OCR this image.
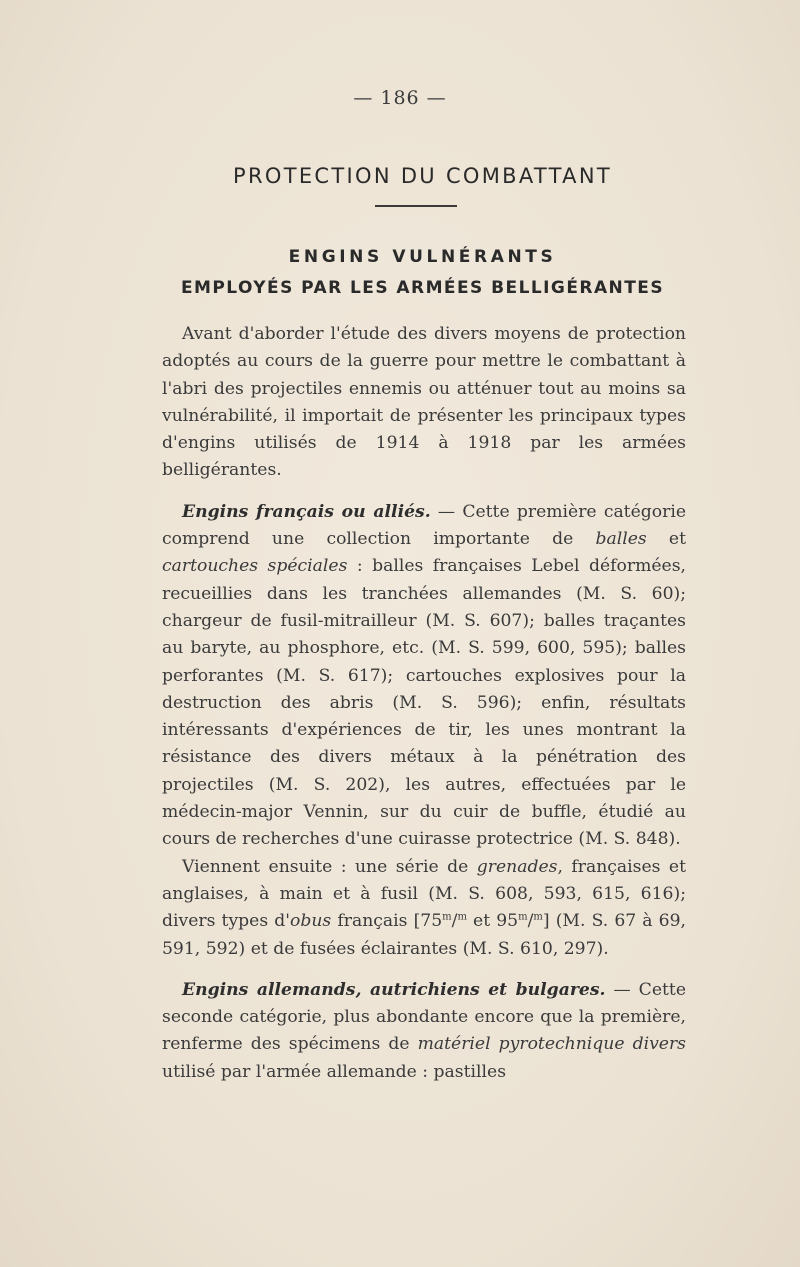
— 186 —
PROTECTION DU COMBATTANT
ENGINS VULNÉRANTS
EMPLOYÉS PAR LES ARMÉES BELLIGÉRANTES

Avant d'aborder l'étude des divers moyens de protection adoptés au cours de la guerre pour mettre le combattant à l'abri des projectiles ennemis ou atténuer tout au moins sa vulnérabilité, il importait de présenter les principaux types d'engins utilisés de 1914 à 1918 par les armées belligérantes.

Engins français ou alliés. — Cette première catégorie comprend une collection importante de balles et cartouches spéciales : balles françaises Lebel déformées, recueillies dans les tranchées allemandes (M. S. 60); chargeur de fusil-mitrailleur (M. S. 607); balles traçantes au baryte, au phosphore, etc. (M. S. 599, 600, 595); balles perforantes (M. S. 617); cartouches explosives pour la destruction des abris (M. S. 596); enfin, résultats intéressants d'expériences de tir, les unes montrant la résistance des divers métaux à la pénétration des projectiles (M. S. 202), les autres, effectuées par le médecin-major Vennin, sur du cuir de buffle, étudié au cours de recherches d'une cuirasse protectrice (M. S. 848).

Viennent ensuite : une série de grenades, françaises et anglaises, à main et à fusil (M. S. 608, 593, 615, 616); divers types d'obus français [75$^m$/$^m$ et 95$^m$/$^m$] (M. S. 67 à 69, 591, 592) et de fusées éclairantes (M. S. 610, 297).

Engins allemands, autrichiens et bulgares. — Cette seconde catégorie, plus abondante encore que la première, renferme des spécimens de matériel pyrotechnique divers utilisé par l'armée allemande : pastilles
